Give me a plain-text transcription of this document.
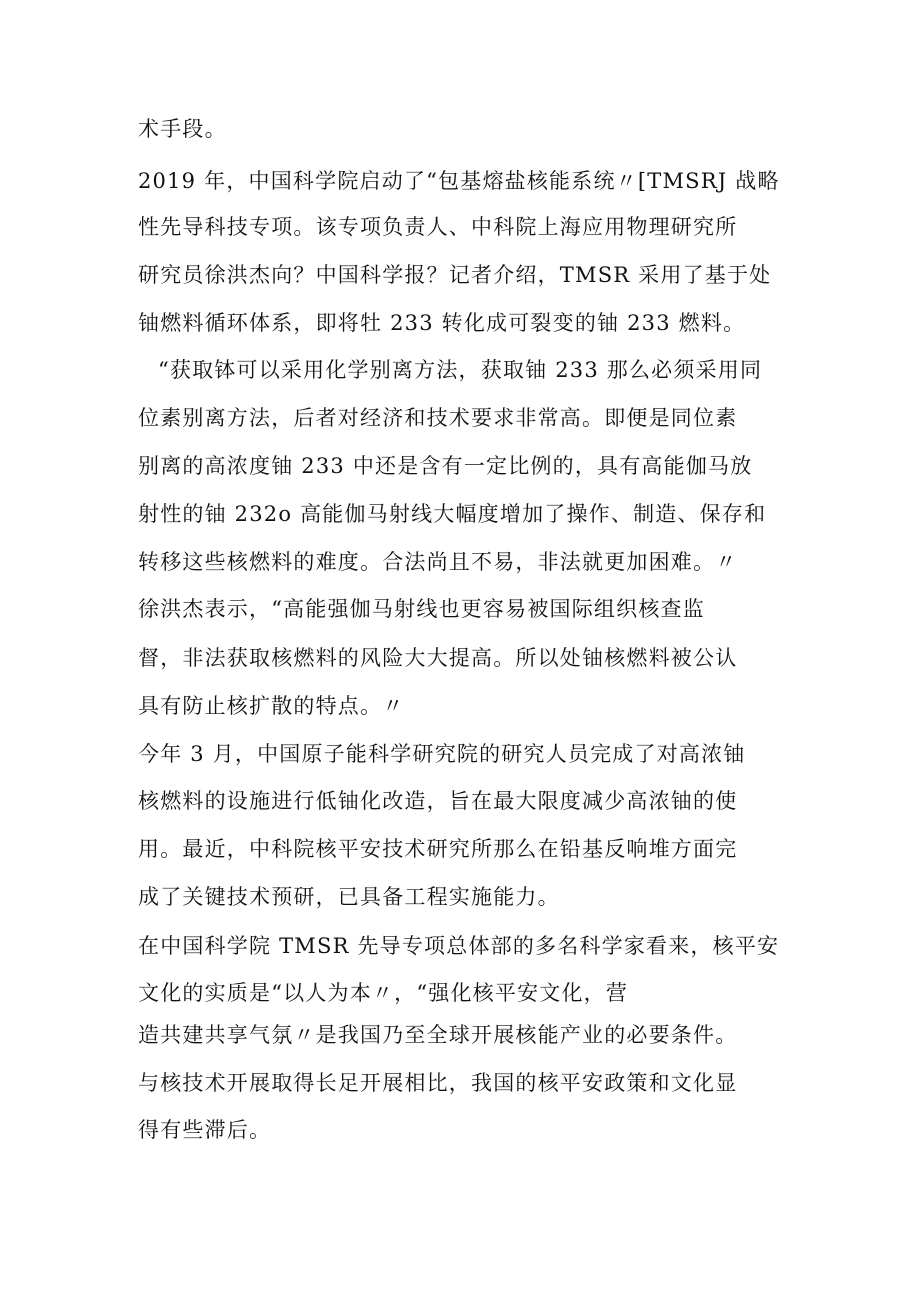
术手段。
2019 年，中国科学院启动了“包基熔盐核能系统〃[TMSRJ 战略
性先导科技专项。该专项负责人、中科院上海应用物理研究所
研究员徐洪杰向？中国科学报？记者介绍，TMSR 采用了基于处
铀燃料循环体系，即将牡 233 转化成可裂变的铀 233 燃料。
“获取钵可以采用化学别离方法，获取铀 233 那么必须采用同
位素别离方法，后者对经济和技术要求非常高。即便是同位素
别离的高浓度铀 233 中还是含有一定比例的，具有高能伽马放
射性的铀 232o 高能伽马射线大幅度增加了操作、制造、保存和
转移这些核燃料的难度。合法尚且不易，非法就更加困难。〃
徐洪杰表示，“高能强伽马射线也更容易被国际组织核查监
督，非法获取核燃料的风险大大提高。所以处铀核燃料被公认
具有防止核扩散的特点。〃
今年 3 月，中国原子能科学研究院的研究人员完成了对高浓铀
核燃料的设施进行低铀化改造，旨在最大限度减少高浓铀的使
用。最近，中科院核平安技术研究所那么在铅基反响堆方面完
成了关键技术预研，已具备工程实施能力。
在中国科学院 TMSR 先导专项总体部的多名科学家看来，核平安
文化的实质是“以人为本〃，“强化核平安文化，营
造共建共享气氛〃是我国乃至全球开展核能产业的必要条件。
与核技术开展取得长足开展相比，我国的核平安政策和文化显
得有些滞后。
